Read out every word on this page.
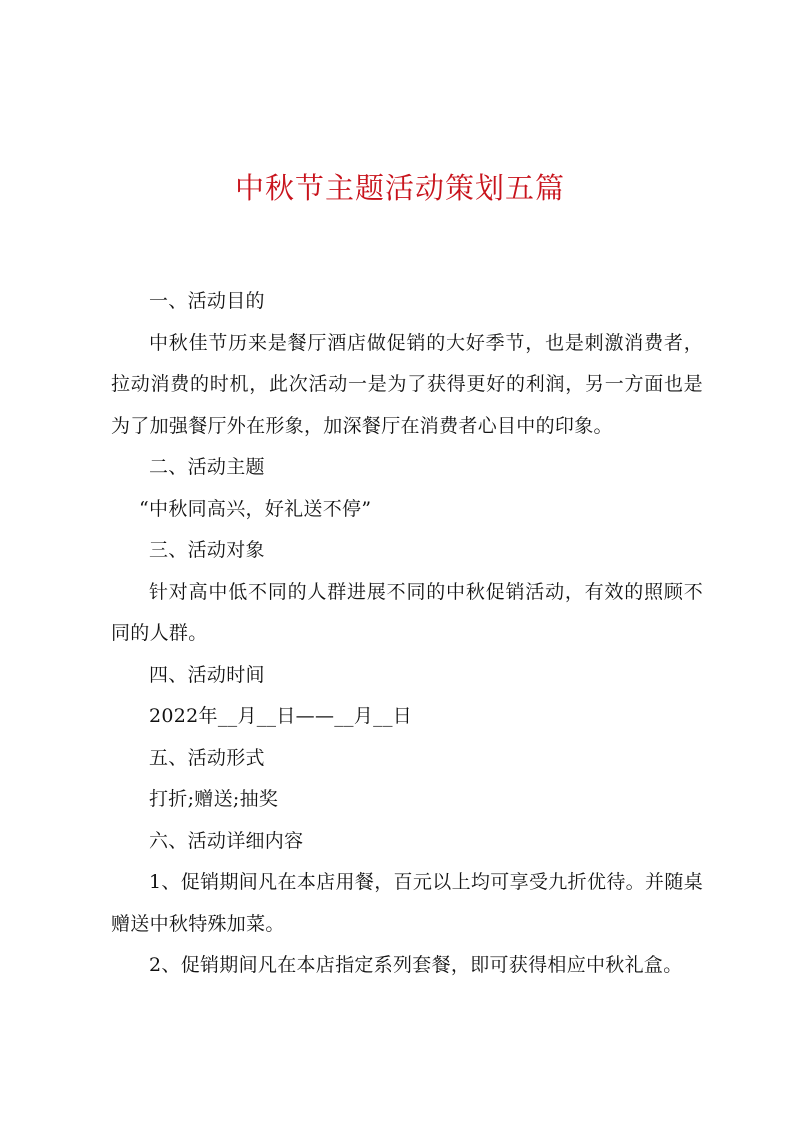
中秋节主题活动策划五篇

一、活动目的

中秋佳节历来是餐厅酒店做促销的大好季节，也是刺激消费者，拉动消费的时机，此次活动一是为了获得更好的利润，另一方面也是为了加强餐厅外在形象，加深餐厅在消费者心目中的印象。

二、活动主题

“中秋同高兴，好礼送不停”

三、活动对象

针对高中低不同的人群进展不同的中秋促销活动，有效的照顾不同的人群。

四、活动时间

2022年__月__日——__月__日

五、活动形式

打折;赠送;抽奖

六、活动详细内容

1、促销期间凡在本店用餐，百元以上均可享受九折优待。并随桌赠送中秋特殊加菜。

2、促销期间凡在本店指定系列套餐，即可获得相应中秋礼盒。
